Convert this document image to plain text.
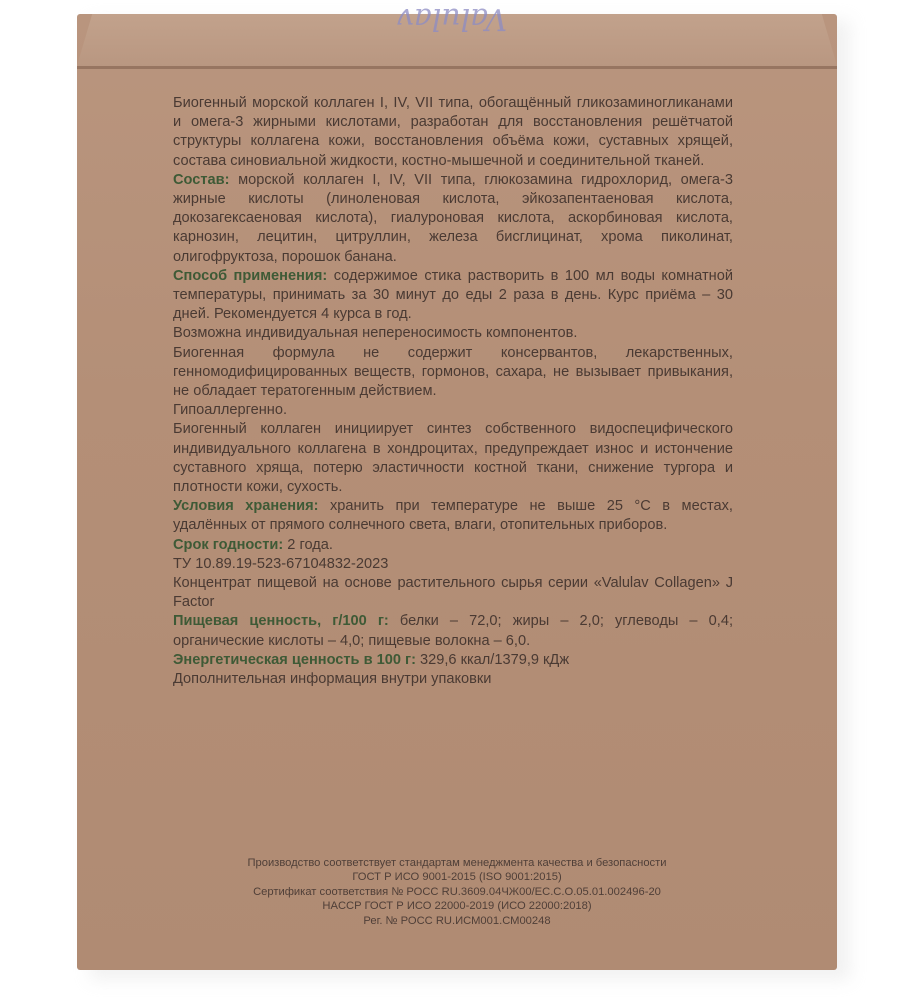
Valulav

Биогенный морской коллаген I, IV, VII типа, обогащённый гликозаминогликанами и омега-3 жирными кислотами, разработан для восстановления решётчатой структуры коллагена кожи, восстановления объёма кожи, суставных хрящей, состава синовиальной жидкости, костно-мышечной и соединительной тканей.

Состав: морской коллаген I, IV, VII типа, глюкозамина гидрохлорид, омега-3 жирные кислоты (линоленовая кислота, эйкозапентаеновая кислота, докозагексаеновая кислота), гиалуроновая кислота, аскорбиновая кислота, карнозин, лецитин, цитруллин, железа бисглицинат, хрома пиколинат, олигофруктоза, порошок банана.

Способ применения: содержимое стика растворить в 100 мл воды комнатной температуры, принимать за 30 минут до еды 2 раза в день. Курс приёма – 30 дней. Рекомендуется 4 курса в год.

Возможна индивидуальная непереносимость компонентов.

Биогенная формула не содержит консервантов, лекарственных, генномодифицированных веществ, гормонов, сахара, не вызывает привыкания, не обладает тератогенным действием.

Гипоаллергенно.

Биогенный коллаген инициирует синтез собственного видоспецифического индивидуального коллагена в хондроцитах, предупреждает износ и истончение суставного хряща, потерю эластичности костной ткани, снижение тургора и плотности кожи, сухость.

Условия хранения: хранить при температуре не выше 25 °С в местах, удалённых от прямого солнечного света, влаги, отопительных приборов.

Срок годности: 2 года.

ТУ 10.89.19-523-67104832-2023

Концентрат пищевой на основе растительного сырья серии «Valulav Collagen» J Factor

Пищевая ценность, г/100 г: белки – 72,0; жиры – 2,0; углеводы – 0,4; органические кислоты – 4,0; пищевые волокна – 6,0.

Энергетическая ценность в 100 г: 329,6 ккал/1379,9 кДж

Дополнительная информация внутри упаковки

Производство соответствует стандартам менеджмента качества и безопасности

ГОСТ Р ИСО 9001-2015 (ISO 9001:2015)

Сертификат соответствия № РОСС RU.3609.04ЧЖ00/ЕС.С.О.05.01.002496-20

HACCP ГОСТ Р ИСО 22000-2019 (ИСО 22000:2018)

Рег. № РОСС RU.ИСМ001.СМ00248
